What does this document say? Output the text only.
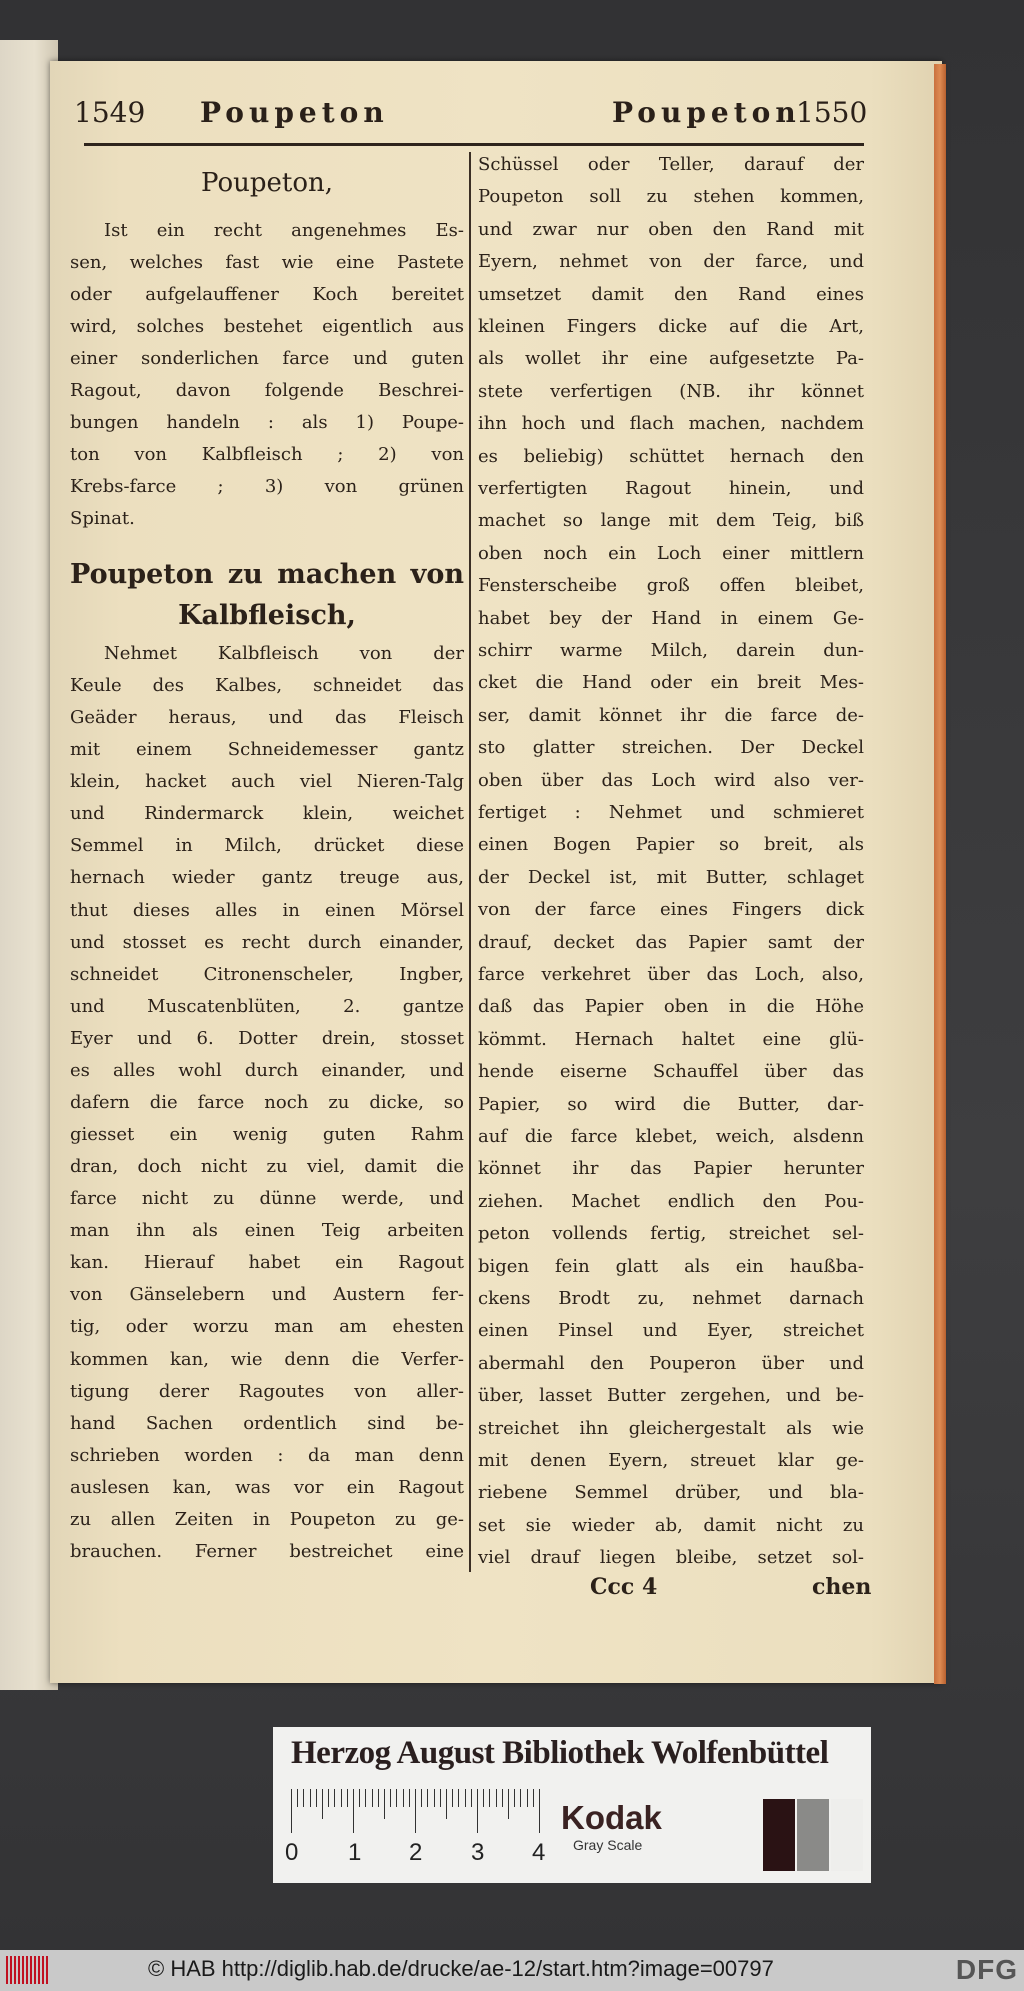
1549 Poupeton	Poupeton
1550
Poupeton,
Ist ein recht angenehmes Es-
sen, welches fast wie eine Pastete
oder aufgelauffener Koch bereitet
wird, solches bestehet eigentlich aus
einer sonderlichen farce und guten
Ragout, davon folgende Beschrei-
bungen handeln : als 1) Poupe-
ton von Kalbfleisch ; 2) von
Krebs-farce ; 3) von grünen
Spinat.
Poupeton zu machen von
Kalbfleisch,
Nehmet Kalbfleisch von der
Keule des Kalbes, schneidet das
Geäder heraus, und das Fleisch
mit einem Schneidemesser gantz
klein, hacket auch viel Nieren-Talg
und Rindermarck klein, weichet
Semmel in Milch, drücket diese
hernach wieder gantz treuge aus,
thut dieses alles in einen Mörsel
und stosset es recht durch einander,
schneidet Citronenscheler, Ingber,
und Muscatenblüten, 2. gantze
Eyer und 6. Dotter drein, stosset
es alles wohl durch einander, und
dafern die farce noch zu dicke, so
giesset ein wenig guten Rahm
dran, doch nicht zu viel, damit die
farce nicht zu dünne werde, und
man ihn als einen Teig arbeiten
kan. Hierauf habet ein Ragout
von Gänselebern und Austern fer-
tig, oder worzu man am ehesten
kommen kan, wie denn die Verfer-
tigung derer Ragoutes von aller-
hand Sachen ordentlich sind be-
schrieben worden : da man denn
auslesen kan, was vor ein Ragout
zu allen Zeiten in Poupeton zu ge-
brauchen. Ferner bestreichet eine
Schüssel oder Teller, darauf der
Poupeton soll zu stehen kommen,
und zwar nur oben den Rand mit
Eyern, nehmet von der farce, und
umsetzet damit den Rand eines
kleinen Fingers dicke auf die Art,
als wollet ihr eine aufgesetzte Pa-
stete verfertigen (NB. ihr könnet
ihn hoch und flach machen, nachdem
es beliebig) schüttet hernach den
verfertigten Ragout hinein, und
machet so lange mit dem Teig, biß
oben noch ein Loch einer mittlern
Fensterscheibe groß offen bleibet,
habet bey der Hand in einem Ge-
schirr warme Milch, darein dun-
cket die Hand oder ein breit Mes-
ser, damit könnet ihr die farce de-
sto glatter streichen. Der Deckel
oben über das Loch wird also ver-
fertiget : Nehmet und schmieret
einen Bogen Papier so breit, als
der Deckel ist, mit Butter, schlaget
von der farce eines Fingers dick
drauf, decket das Papier samt der
farce verkehret über das Loch, also,
daß das Papier oben in die Höhe
kömmt. Hernach haltet eine glü-
hende eiserne Schauffel über das
Papier, so wird die Butter, dar-
auf die farce klebet, weich, alsdenn
könnet ihr das Papier herunter
ziehen. Machet endlich den Pou-
peton vollends fertig, streichet sel-
bigen fein glatt als ein haußba-
ckens Brodt zu, nehmet darnach
einen Pinsel und Eyer, streichet
abermahl den Pouperon über und
über, lasset Butter zergehen, und be-
streichet ihn gleichergestalt als wie
mit denen Eyern, streuet klar ge-
riebene Semmel drüber, und bla-
set sie wieder ab, damit nicht zu
viel drauf liegen bleibe, setzet sol-
Ccc 4	chen
Herzog August Bibliothek Wolfenbüttel
0 1 2 3 4
Kodak
Gray Scale
© HAB http://diglib.hab.de/drucke/ae-12/start.htm?image=00797	DFG
